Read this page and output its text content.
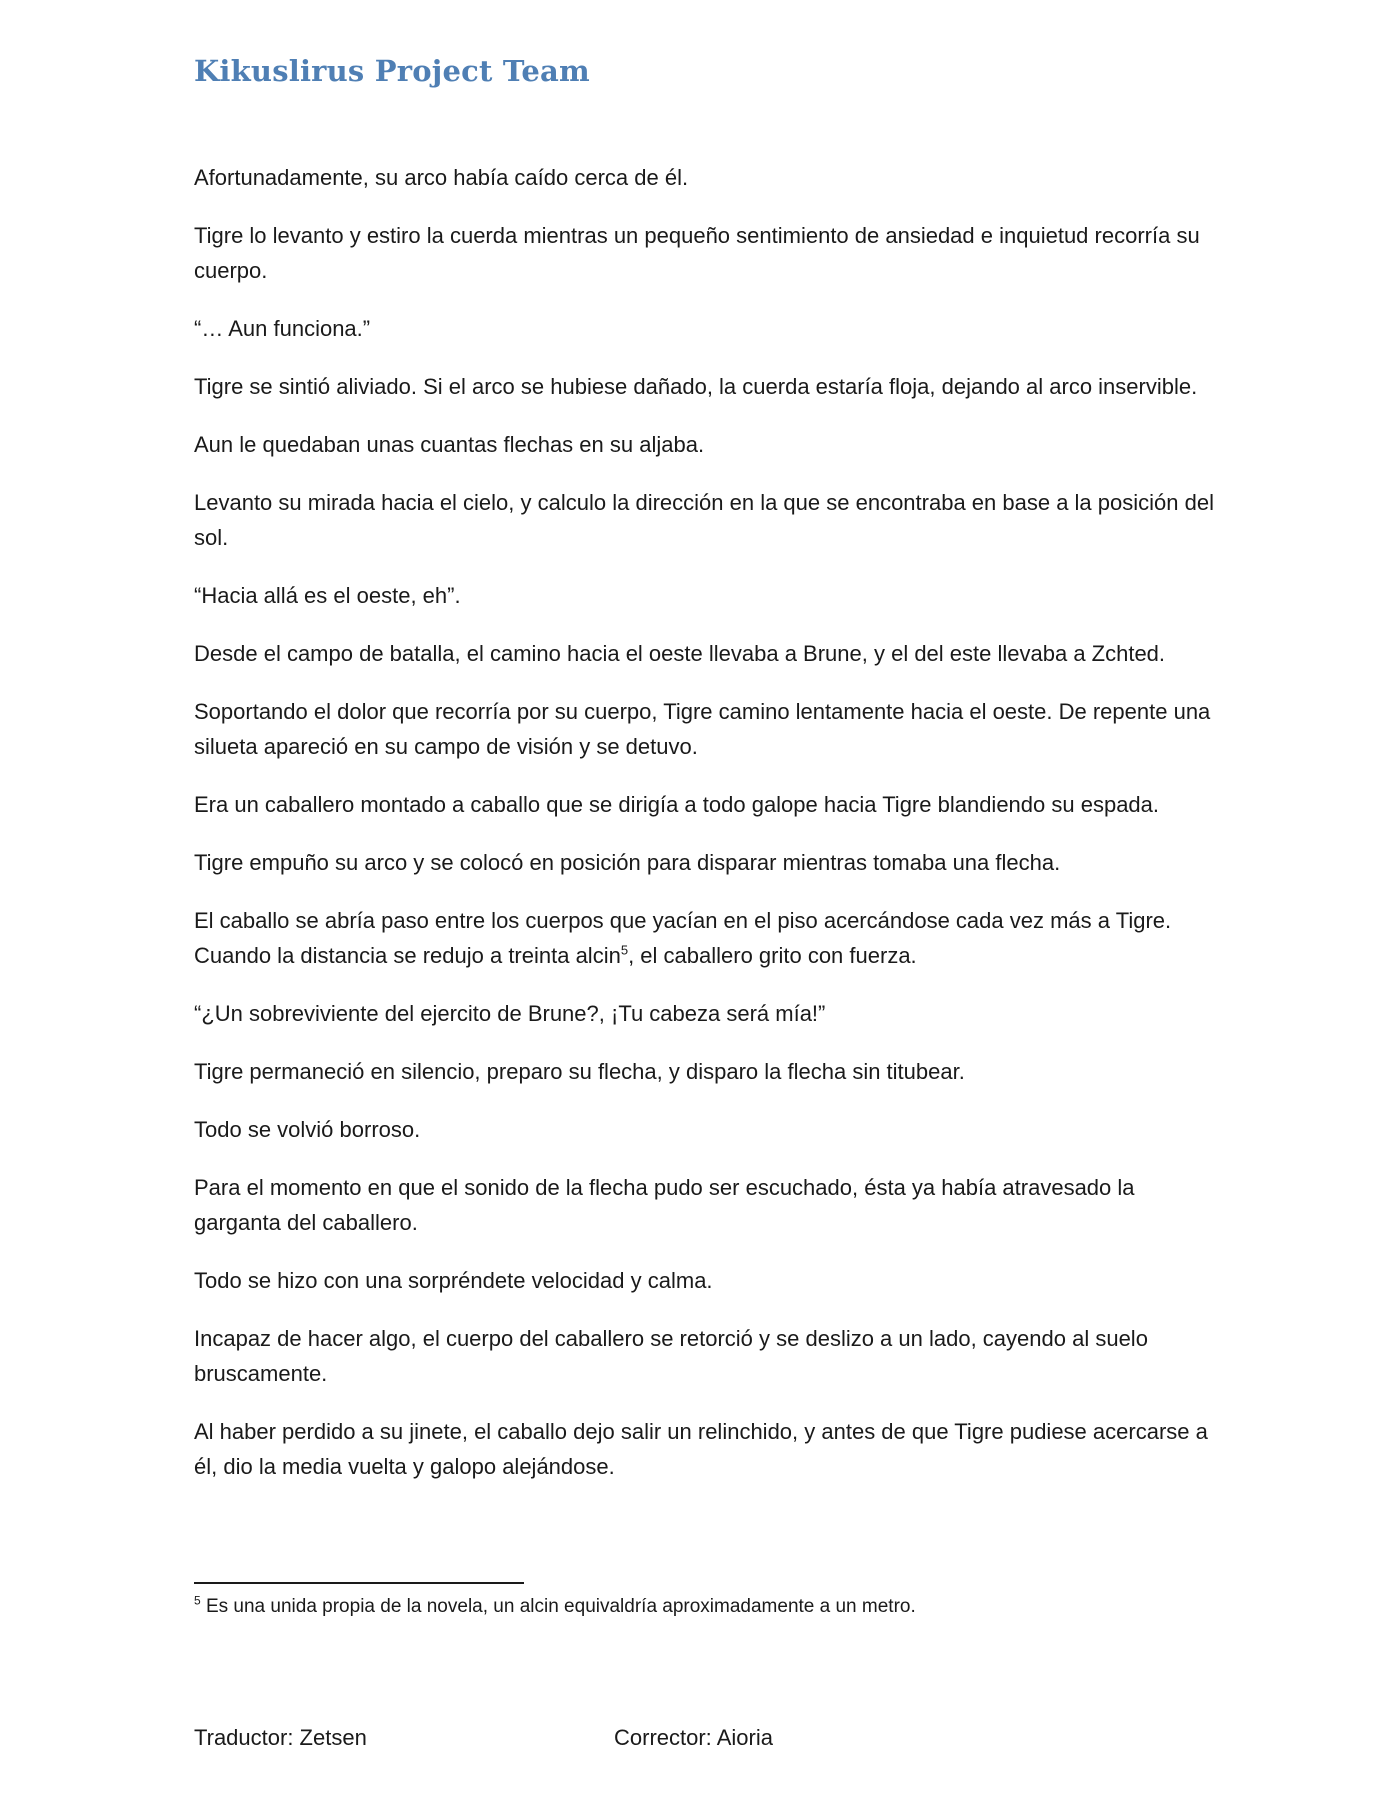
Kikuslirus Project Team

Afortunadamente, su arco había caído cerca de él.

Tigre lo levanto y estiro la cuerda mientras un pequeño sentimiento de ansiedad e inquietud recorría su cuerpo.

“… Aun funciona.”

Tigre se sintió aliviado. Si el arco se hubiese dañado, la cuerda estaría floja, dejando al arco inservible.

Aun le quedaban unas cuantas flechas en su aljaba.

Levanto su mirada hacia el cielo, y calculo la dirección en la que se encontraba en base a la posición del sol.

“Hacia allá es el oeste, eh”.

Desde el campo de batalla, el camino hacia el oeste llevaba a Brune, y el del este llevaba a Zchted.

Soportando el dolor que recorría por su cuerpo, Tigre camino lentamente hacia el oeste. De repente una silueta apareció en su campo de visión y se detuvo.

Era un caballero montado a caballo que se dirigía a todo galope hacia Tigre blandiendo su espada.

Tigre empuño su arco y se colocó en posición para disparar mientras tomaba una flecha.

El caballo se abría paso entre los cuerpos que yacían en el piso acercándose cada vez más a Tigre. Cuando la distancia se redujo a treinta alcin$^5$, el caballero grito con fuerza.

“¿Un sobreviviente del ejercito de Brune?, ¡Tu cabeza será mía!”

Tigre permaneció en silencio, preparo su flecha, y disparo la flecha sin titubear.

Todo se volvió borroso.

Para el momento en que el sonido de la flecha pudo ser escuchado, ésta ya había atravesado la garganta del caballero.

Todo se hizo con una sorpréndete velocidad y calma.

Incapaz de hacer algo, el cuerpo del caballero se retorció y se deslizo a un lado, cayendo al suelo bruscamente.

Al haber perdido a su jinete, el caballo dejo salir un relinchido, y antes de que Tigre pudiese acercarse a él, dio la media vuelta y galopo alejándose.

$^5$ Es una unida propia de la novela, un alcin equivaldría aproximadamente a un metro.
Traductor: Zetsen	Corrector: Aioria
